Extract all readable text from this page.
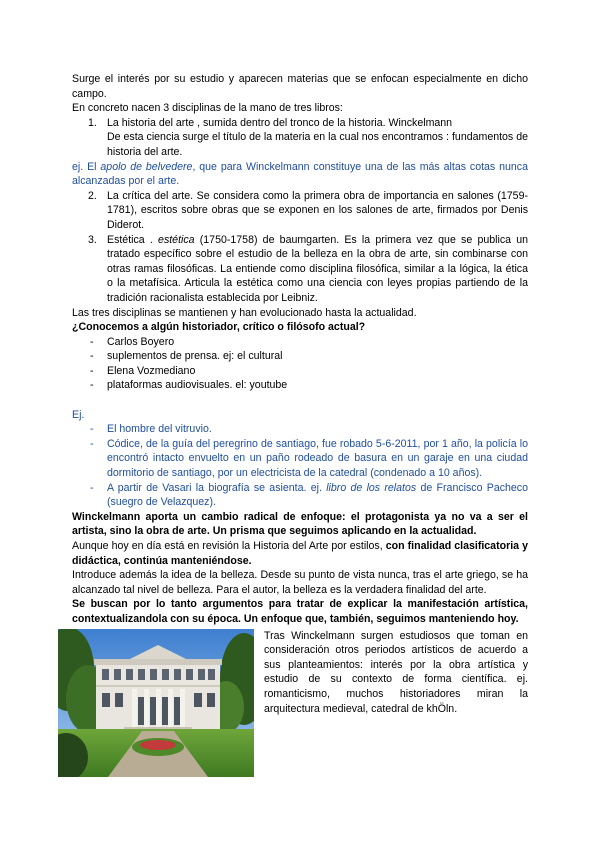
Surge el interés por su estudio y aparecen materias que se enfocan especialmente en dicho campo.

En concreto nacen 3 disciplinas de la mano de tres libros:

1. La historia del arte , sumida dentro del tronco de la historia. Winckelmann
De esta ciencia surge el título de la materia en la cual nos encontramos : fundamentos de historia del arte.

ej. El apolo de belvedere, que para Winckelmann constituye una de las más altas cotas nunca alcanzadas por el arte.

2. La crítica del arte. Se considera como la primera obra de importancia en salones (1759-1781), escritos sobre obras que se exponen en los salones de arte, firmados por Denis Diderot.
3. Estética . estética (1750-1758) de baumgarten. Es la primera vez que se publica un tratado específico sobre el estudio de la belleza en la obra de arte, sin combinarse con otras ramas filosóficas. La entiende como disciplina filosófica, similar a la lógica, la ética o la metafísica. Articula la estética como una ciencia con leyes propias partiendo de la tradición racionalista establecida por Leibniz.

Las tres disciplinas se mantienen y han evolucionado hasta la actualidad.

¿Conocemos a algún historiador, crítico o filósofo actual?

- Carlos Boyero
- suplementos de prensa. ej: el cultural
- Elena Vozmediano
- plataformas audiovisuales. el: youtube

Ej.

- El hombre del vitruvio.
- Códice, de la guía del peregrino de santiago, fue robado 5-6-2011, por 1 año, la policía lo encontró intacto envuelto en un paño rodeado de basura en un garaje en una ciudad dormitorio de santiago, por un electricista de la catedral (condenado a 10 años).
- A partir de Vasari la biografía se asienta. ej. libro de los relatos de Francisco Pacheco (suegro de Velazquez).

Winckelmann aporta un cambio radical de enfoque: el protagonista ya no va a ser el artista, sino la obra de arte. Un prisma que seguimos aplicando en la actualidad.

Aunque hoy en día está en revisión la Historia del Arte por estilos, con finalidad clasificatoria y didáctica, continúa manteniéndose.

Introduce además la idea de la belleza. Desde su punto de vista nunca, tras el arte griego, se ha alcanzado tal nivel de belleza. Para el autor, la belleza es la verdadera finalidad del arte.

Se buscan por lo tanto argumentos para tratar de explicar la manifestación artística, contextualizandola con su época. Un enfoque que, también, seguimos manteniendo hoy.

Tras Winckelmann surgen estudiosos que toman en consideración otros periodos artísticos de acuerdo a sus planteamientos: interés por la obra artística y estudio de su contexto de forma científica. ej. romanticismo, muchos historiadores miran la arquitectura medieval, catedral de khÖln.
